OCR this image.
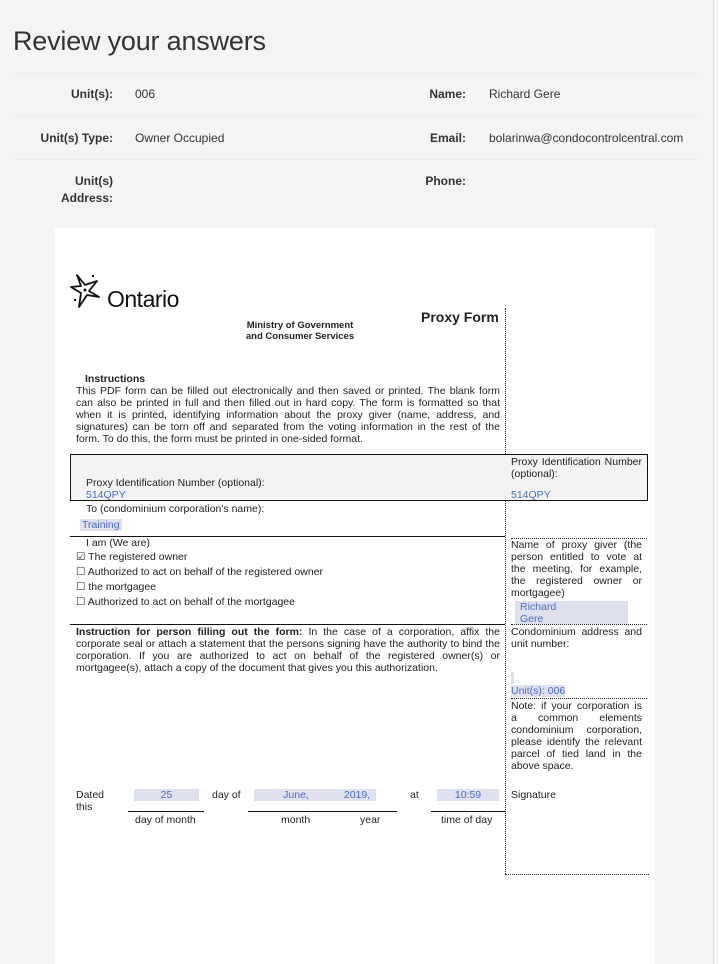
Review your answers
Unit(s): 006	Name: Richard Gere
Unit(s) Type: Owner Occupied	Email: bolarinwa@condocontrolcentral.com
Unit(s)
Address:
Phone:
Ontario
Ministry of Government
and Consumer Services
Proxy Form
Instructions
This PDF form can be filled out electronically and then saved or printed. The blank form can also be printed in full and then filled out in hard copy. The form is formatted so that when it is printed, identifying information about the proxy giver (name, address, and signatures) can be torn off and separated from the voting information in the rest of the form. To do this, the form must be printed in one-sided format.
Proxy Identification Number (optional):
514QPY
Proxy Identification Number (optional):
514QPY
To (condominium corporation's name):
Training
I am (We are)
☑ The registered owner
☐ Authorized to act on behalf of the registered owner
☐ the mortgagee
☐ Authorized to act on behalf of the mortgagee
Name of proxy giver (the person entitled to vote at the meeting, for example, the registered owner or mortgagee)
Richard
Gere
Instruction for person filling out the form: In the case of a corporation, affix the corporate seal or attach a statement that the persons signing have the authority to bind the corporation. If you are authorized to act on behalf of the registered owner(s) or mortgagee(s), attach a copy of the document that gives you this authorization.
Condominium address and unit number:
Unit(s): 006
Note: if your corporation is a common elements condominium corporation, please identify the relevant parcel of tied land in the above space.
Dated this
25	day of	June,	2019,	at	10:59
day of month	month	year	time of day
Signature
